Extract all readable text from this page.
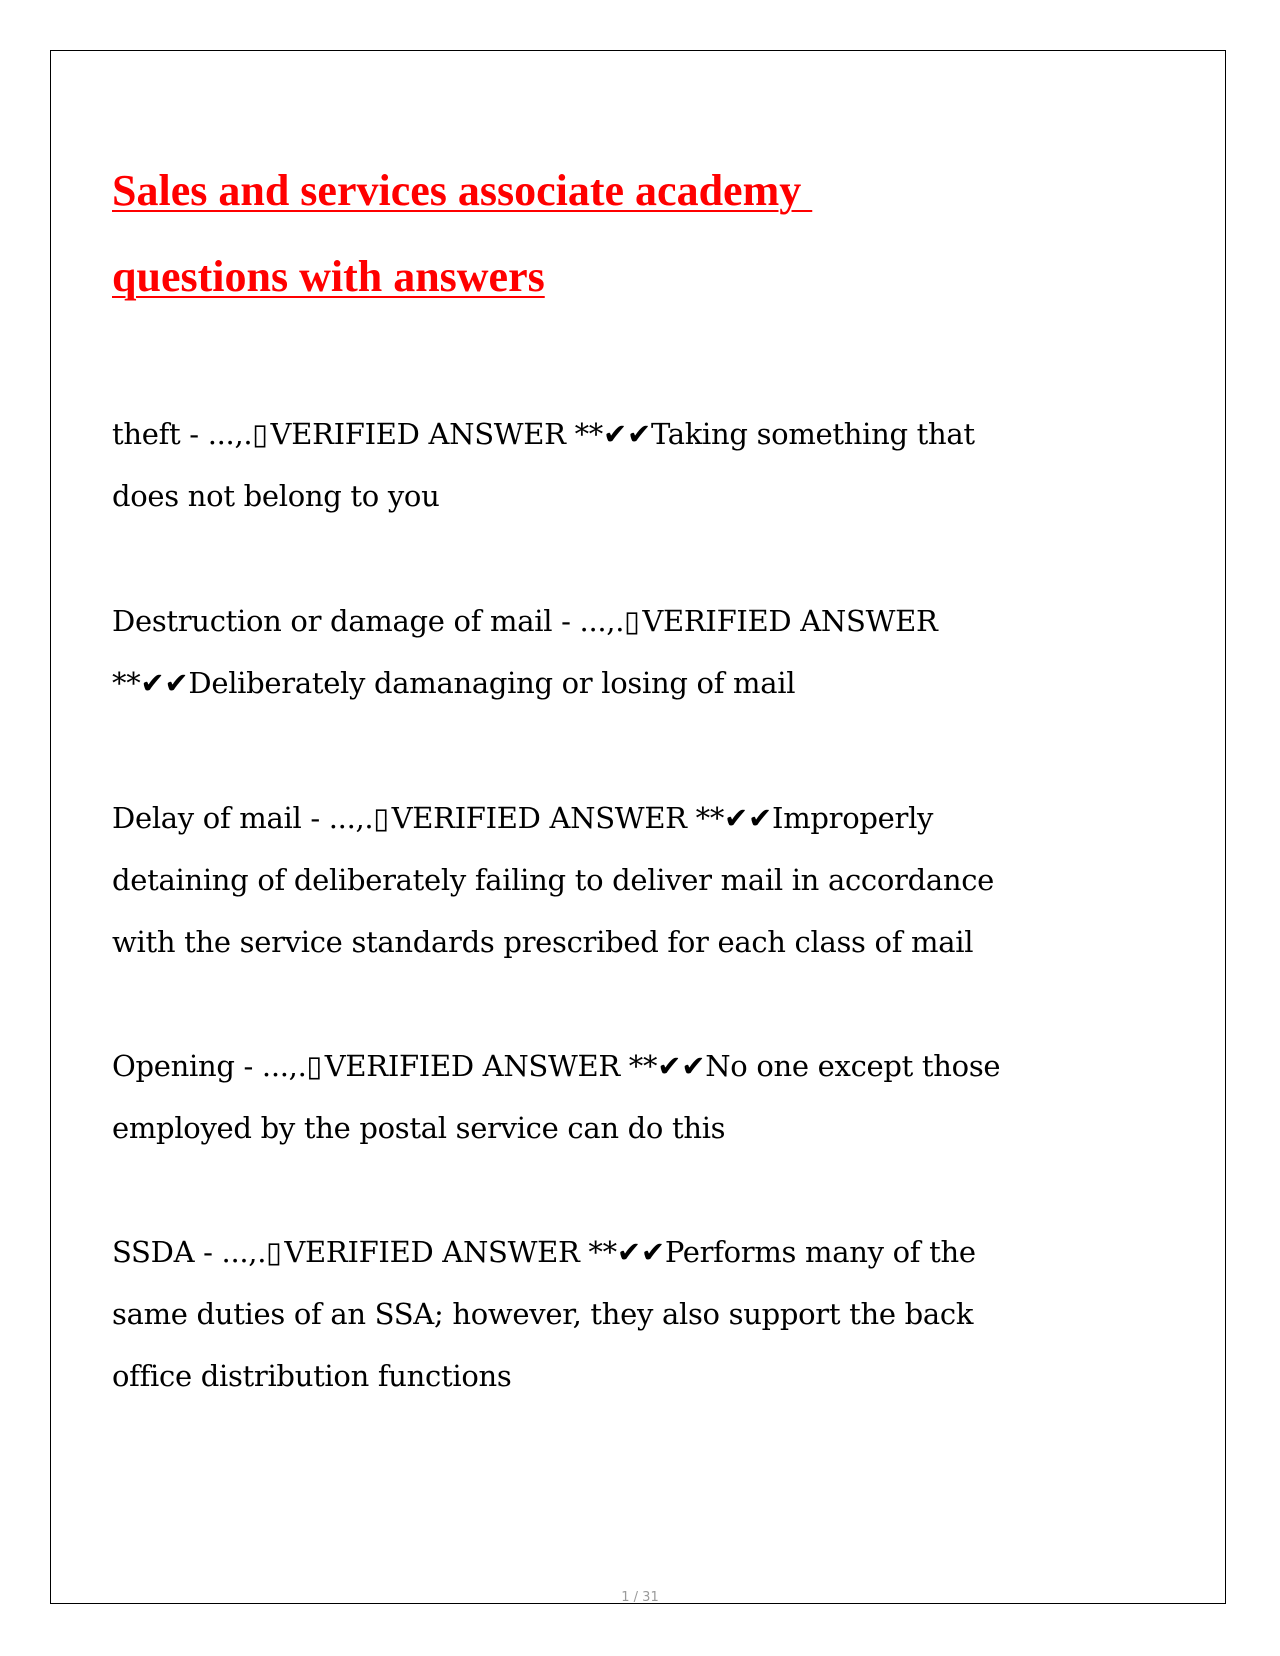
Sales and services associate academy
questions with answers
theft - ...,.▯ VERIFIED ANSWER **✔✔Taking something that
does not belong to you
Destruction or damage of mail - ...,.▯ VERIFIED ANSWER
**✔✔Deliberately damanaging or losing of mail
Delay of mail - ...,.▯ VERIFIED ANSWER **✔✔Improperly
detaining of deliberately failing to deliver mail in accordance
with the service standards prescribed for each class of mail
Opening - ...,.▯ VERIFIED ANSWER **✔✔No one except those
employed by the postal service can do this
SSDA - ...,.▯ VERIFIED ANSWER **✔✔Performs many of the
same duties of an SSA; however, they also support the back
office distribution functions
1 / 31
